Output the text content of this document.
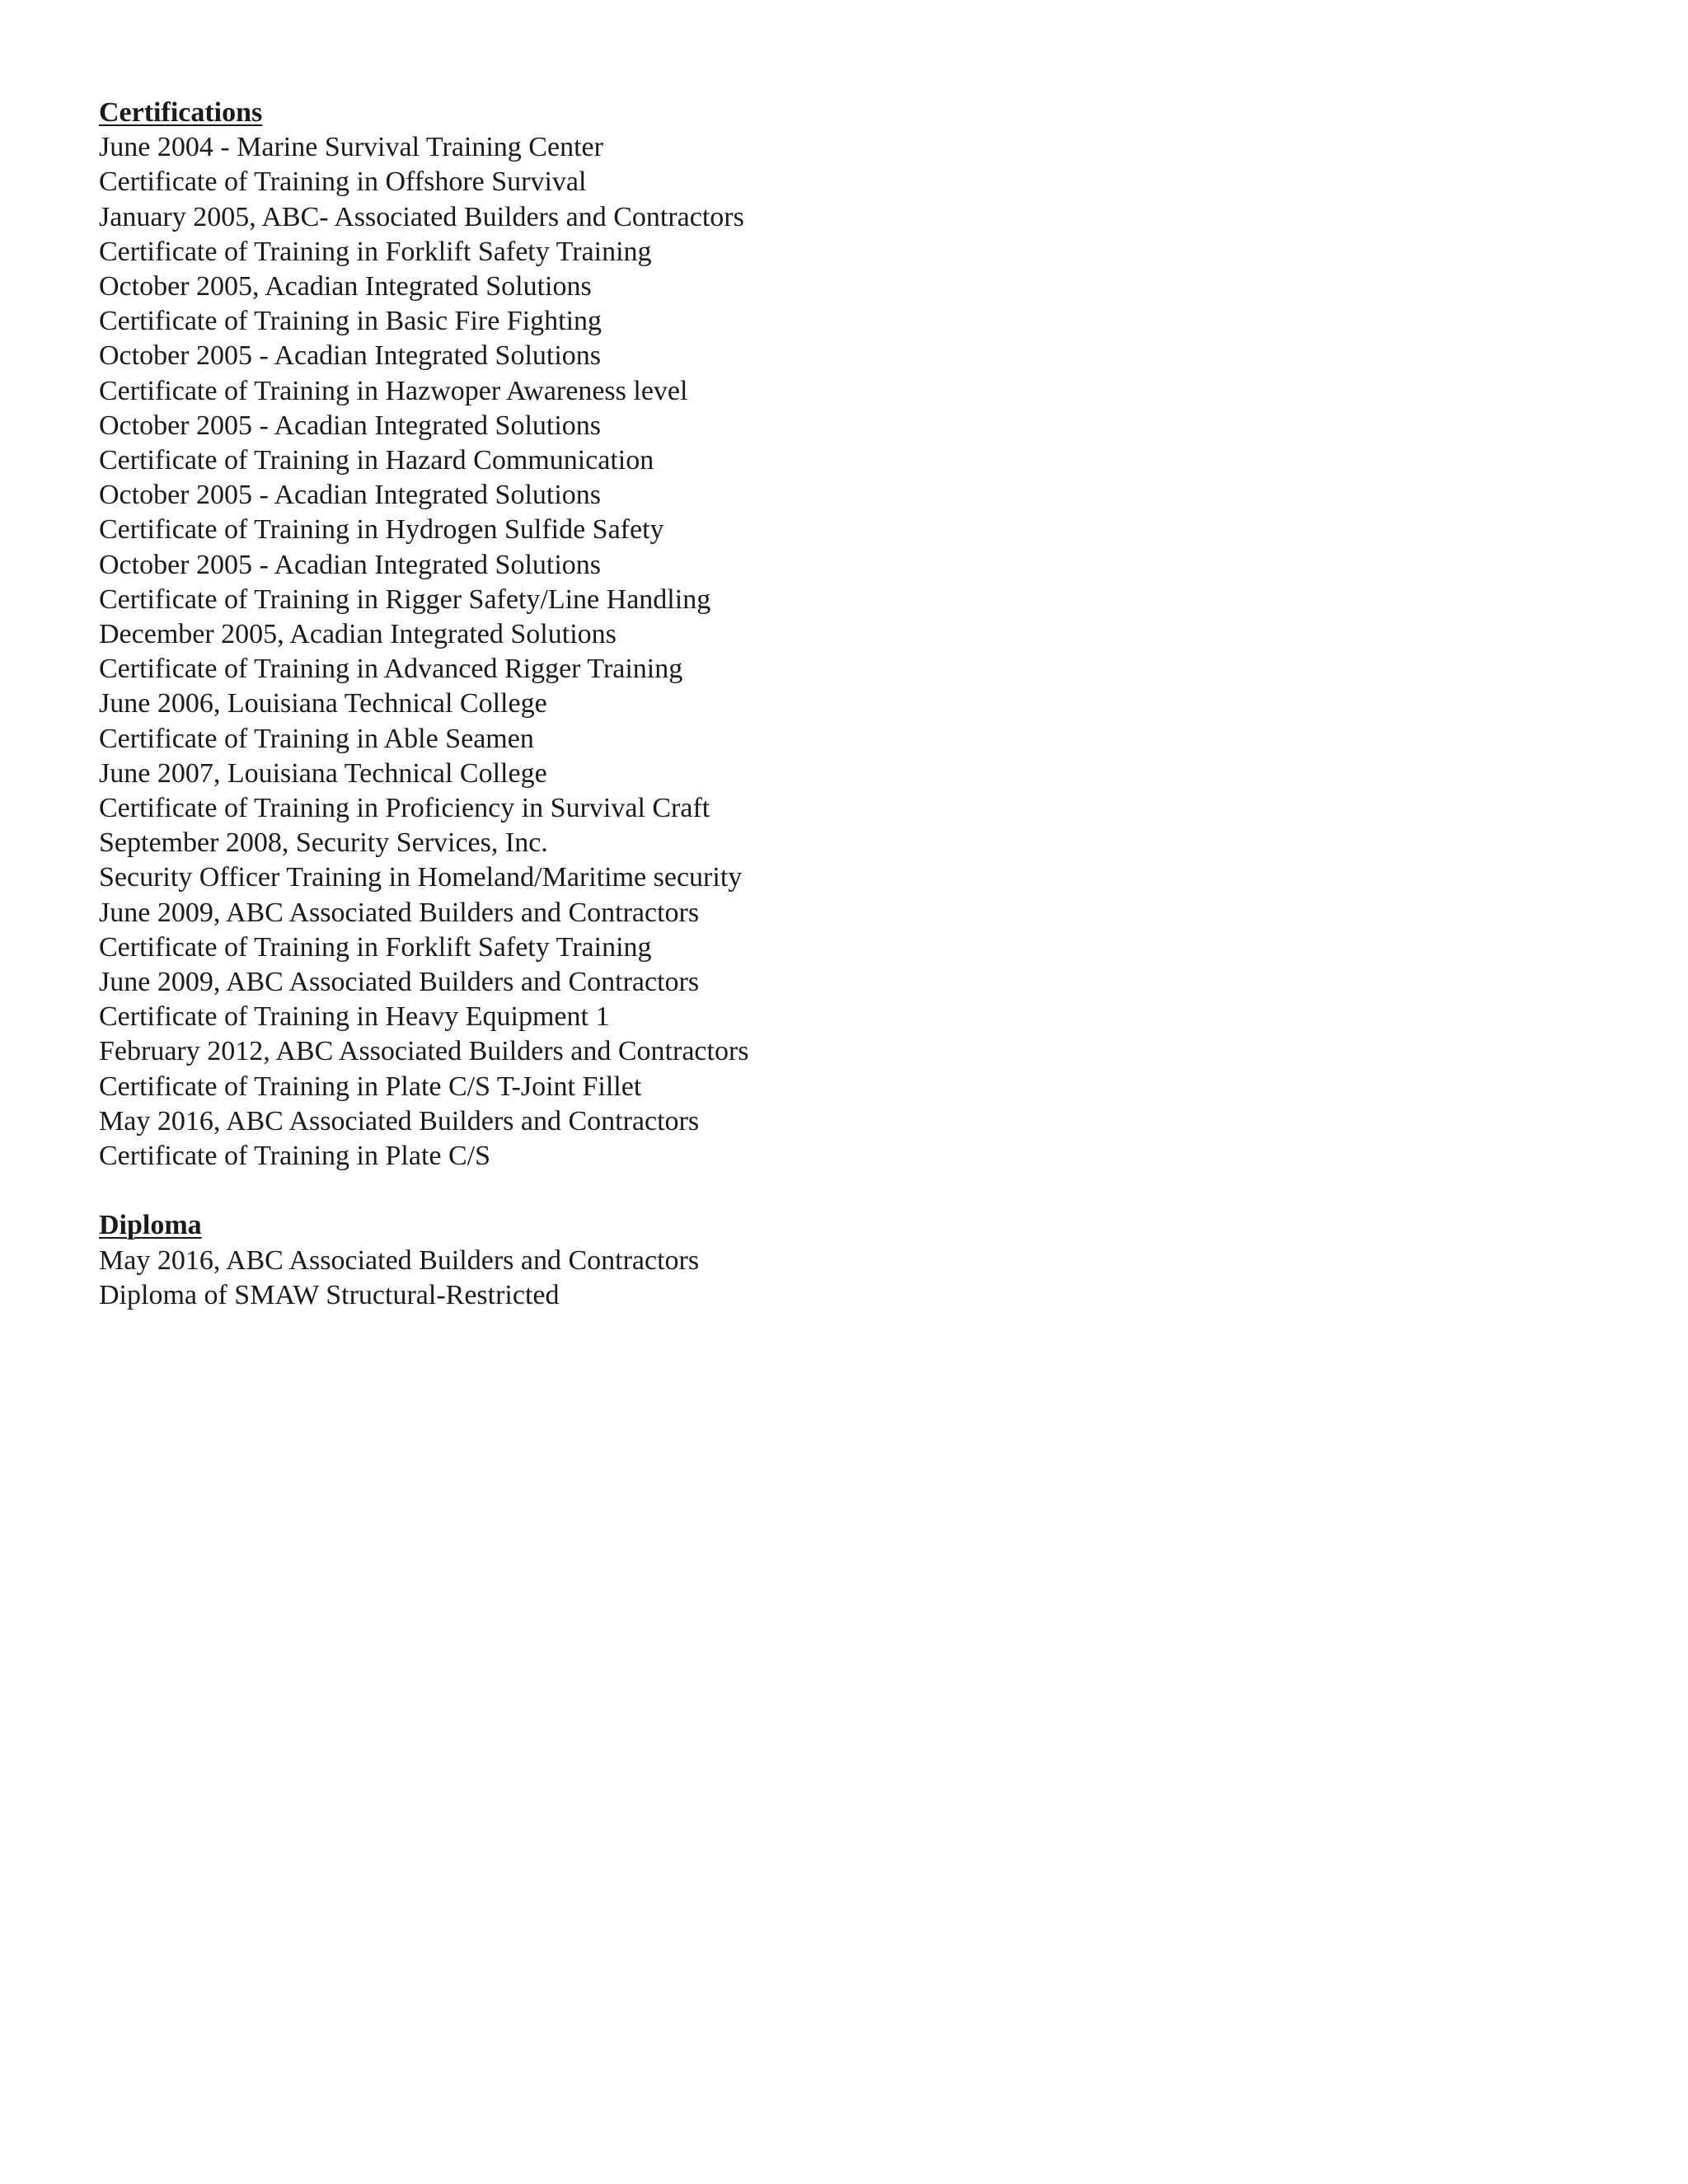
Certifications
June 2004 - Marine Survival Training Center
Certificate of Training in Offshore Survival
January 2005, ABC- Associated Builders and Contractors
Certificate of Training in Forklift Safety Training
October 2005, Acadian Integrated Solutions
Certificate of Training in Basic Fire Fighting
October 2005 - Acadian Integrated Solutions
Certificate of Training in Hazwoper Awareness level
October 2005 - Acadian Integrated Solutions
Certificate of Training in Hazard Communication
October 2005 - Acadian Integrated Solutions
Certificate of Training in Hydrogen Sulfide Safety
October 2005 - Acadian Integrated Solutions
Certificate of Training in Rigger Safety/Line Handling
December 2005, Acadian Integrated Solutions
Certificate of Training in Advanced Rigger Training
June 2006, Louisiana Technical College
Certificate of Training in Able Seamen
June 2007, Louisiana Technical College
Certificate of Training in Proficiency in Survival Craft
September 2008, Security Services, Inc.
Security Officer Training in Homeland/Maritime security
June 2009, ABC Associated Builders and Contractors
Certificate of Training in Forklift Safety Training
June 2009, ABC Associated Builders and Contractors
Certificate of Training in Heavy Equipment 1
February 2012, ABC Associated Builders and Contractors
Certificate of Training in Plate C/S T-Joint Fillet
May 2016, ABC Associated Builders and Contractors
Certificate of Training in Plate C/S
Diploma
May 2016, ABC Associated Builders and Contractors
Diploma of SMAW Structural-Restricted
